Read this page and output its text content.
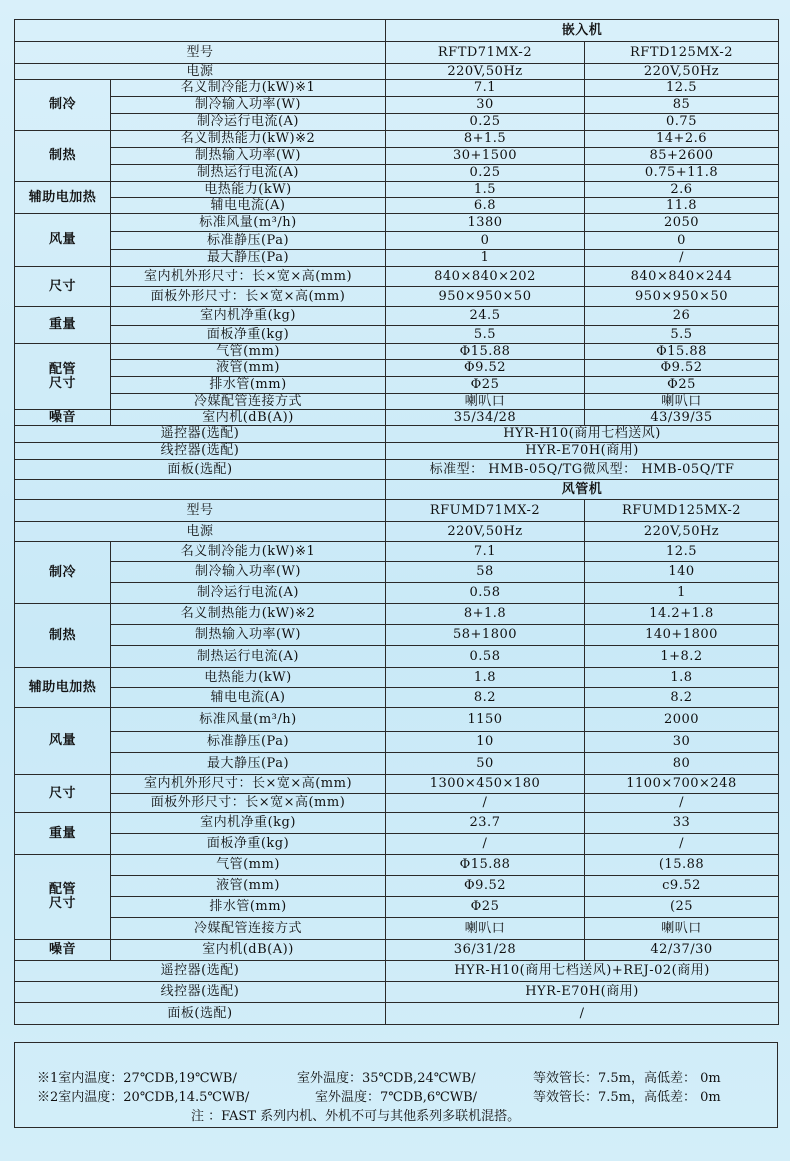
		嵌入机	
型号		RFTD71MX-2	RFTD125MX-2
电源		220V,50Hz	220V,50Hz

制冷	名义制冷能力(kW)※1	7.1	12.5
	制冷输入功率(W)	30	85
	制冷运行电流(A)	0.25	0.75

制热	名义制热能力(kW)※2	8+1.5	14+2.6
	制热输入功率(W)	30+1500	85+2600
	制热运行电流(A)	0.25	0.75+11.8

辅助电加热	电热能力(kW)	1.5	2.6
	辅电电流(A)	6.8	11.8

风量	标准风量(m³/h)	1380	2050
	标准静压(Pa)	0	0
	最大静压(Pa)	1	/

尺寸	室内机外形尺寸：长×宽×高(mm)	840×840×202	840×840×244
	面板外形尺寸：长×宽×高(mm)	950×950×50	950×950×50

重量	室内机净重(kg)	24.5	26
	面板净重(kg)	5.5	5.5

配管
尺寸	气管(mm)	Φ15.88	Φ15.88
	液管(mm)	Φ9.52	Φ9.52
	排水管(mm)	Φ25	Φ25
	冷媒配管连接方式	喇叭口	喇叭口

噪音	室内机(dB(A))	35/34/28	43/39/35
遥控器(选配)		HYR-H10(商用七档送风)	
线控器(选配)		HYR-E70H(商用)	
面板(选配)		标准型： HMB-05Q/TG微风型： HMB-05Q/TF	
		风管机	
型号		RFUMD71MX-2	RFUMD125MX-2
电源		220V,50Hz	220V,50Hz

制冷	名义制冷能力(kW)※1	7.1	12.5
	制冷输入功率(W)	58	140
	制冷运行电流(A)	0.58	1

制热	名义制热能力(kW)※2	8+1.8	14.2+1.8
	制热输入功率(W)	58+1800	140+1800
	制热运行电流(A)	0.58	1+8.2

辅助电加热	电热能力(kW)	1.8	1.8
	辅电电流(A)	8.2	8.2

风量	标准风量(m³/h)	1150	2000
	标准静压(Pa)	10	30
	最大静压(Pa)	50	80

尺寸	室内机外形尺寸：长×宽×高(mm)	1300×450×180	1100×700×248
	面板外形尺寸：长×宽×高(mm)	/	/

重量	室内机净重(kg)	23.7	33
	面板净重(kg)	/	/

配管
尺寸	气管(mm)	Φ15.88	(15.88
	液管(mm)	Φ9.52	c9.52
	排水管(mm)	Φ25	(25
	冷媒配管连接方式	喇叭口	喇叭口

噪音	室内机(dB(A))	36/31/28	42/37/30
遥控器(选配)		HYR-H10(商用七档送风)+REJ-02(商用)	
线控器(选配)		HYR-E70H(商用)	
面板(选配)		/	
※1室内温度：27℃DB,19℃WB/	室外温度：35℃DB,24℃WB/	等效管长：7.5m，高低差： 0m
※2室内温度：20℃DB,14.5℃WB/	室外温度：7℃DB,6℃WB/	等效管长：7.5m，高低差： 0m
注 ：FAST 系列内机、外机不可与其他系列多联机混搭。
